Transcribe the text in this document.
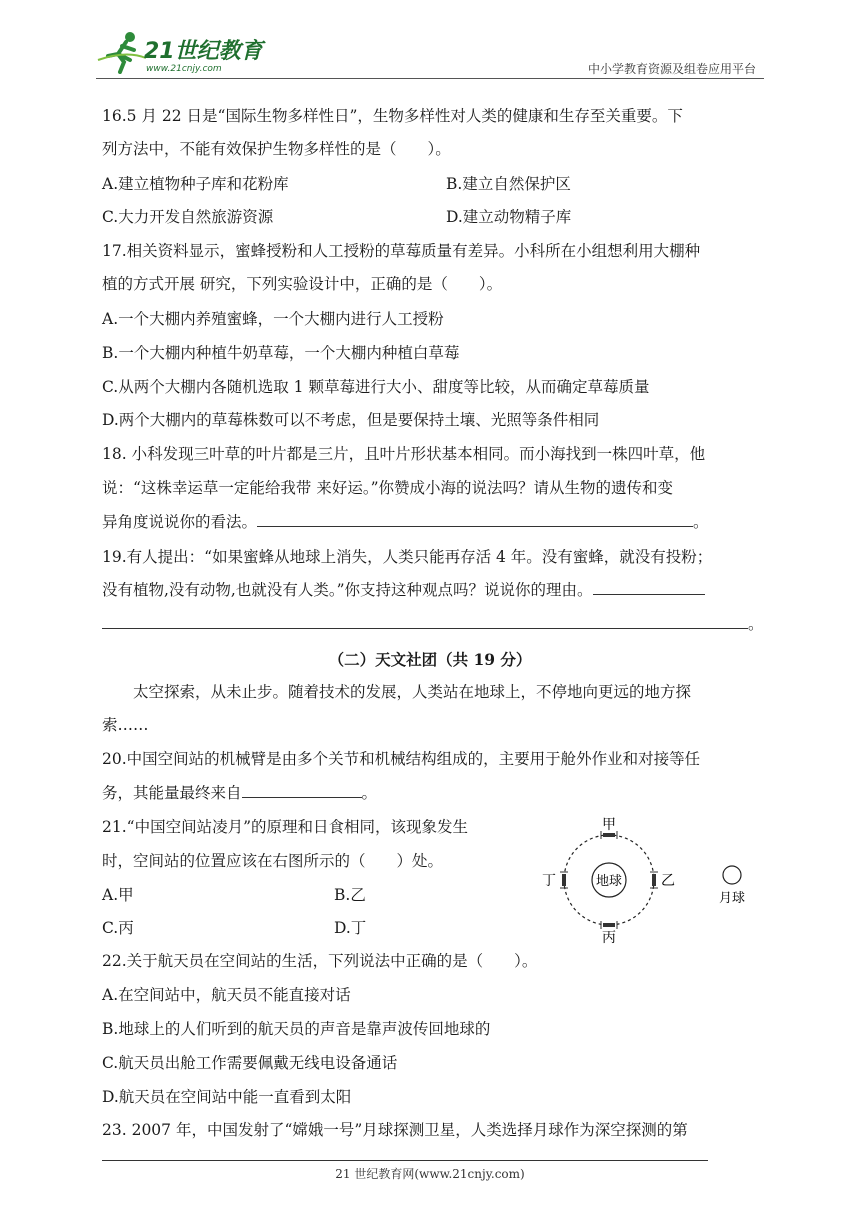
21世纪教育
www.21cnjy.com	中小学教育资源及组卷应用平台
16.5 月 22 日是“国际生物多样性日”，生物多样性对人类的健康和生存至关重要。下
列方法中，不能有效保护生物多样性的是（　　）。
A.建立植物种子库和花粉库	B.建立自然保护区
C.大力开发自然旅游资源	D.建立动物精子库
17.相关资料显示，蜜蜂授粉和人工授粉的草莓质量有差异。小科所在小组想利用大棚种
植的方式开展 研究，下列实验设计中，正确的是（　　）。
A.一个大棚内养殖蜜蜂，一个大棚内进行人工授粉
B.一个大棚内种植牛奶草莓，一个大棚内种植白草莓
C.从两个大棚内各随机选取 1 颗草莓进行大小、甜度等比较，从而确定草莓质量
D.两个大棚内的草莓株数可以不考虑，但是要保持土壤、光照等条件相同
18. 小科发现三叶草的叶片都是三片，且叶片形状基本相同。而小海找到一株四叶草，他
说：“这株幸运草一定能给我带 来好运。”你赞成小海的说法吗？请从生物的遗传和变
异角度说说你的看法。	。
19.有人提出：“如果蜜蜂从地球上消失，人类只能再存活 4 年。没有蜜蜂，就没有投粉；
没有植物,没有动物,也就没有人类。”你支持这种观点吗？说说你的理由。
。
（二）天文社团（共 19 分）
太空探索，从未止步。随着技术的发展，人类站在地球上，不停地向更远的地方探
索……
20.中国空间站的机械臂是由多个关节和机械结构组成的，主要用于舱外作业和对接等任
务，其能量最终来自	。
21.“中国空间站凌月”的原理和日食相同，该现象发生
时，空间站的位置应该在右图所示的（　　）处。
A.甲	B.乙
C.丙	D.丁
地球
甲
乙
丙
丁
月球
22.关于航天员在空间站的生活，下列说法中正确的是（　　）。
A.在空间站中，航天员不能直接对话
B.地球上的人们听到的航天员的声音是靠声波传回地球的
C.航天员出舱工作需要佩戴无线电设备通话
D.航天员在空间站中能一直看到太阳
23. 2007 年，中国发射了“嫦娥一号”月球探测卫星，人类选择月球作为深空探测的第
21 世纪教育网(www.21cnjy.com)
